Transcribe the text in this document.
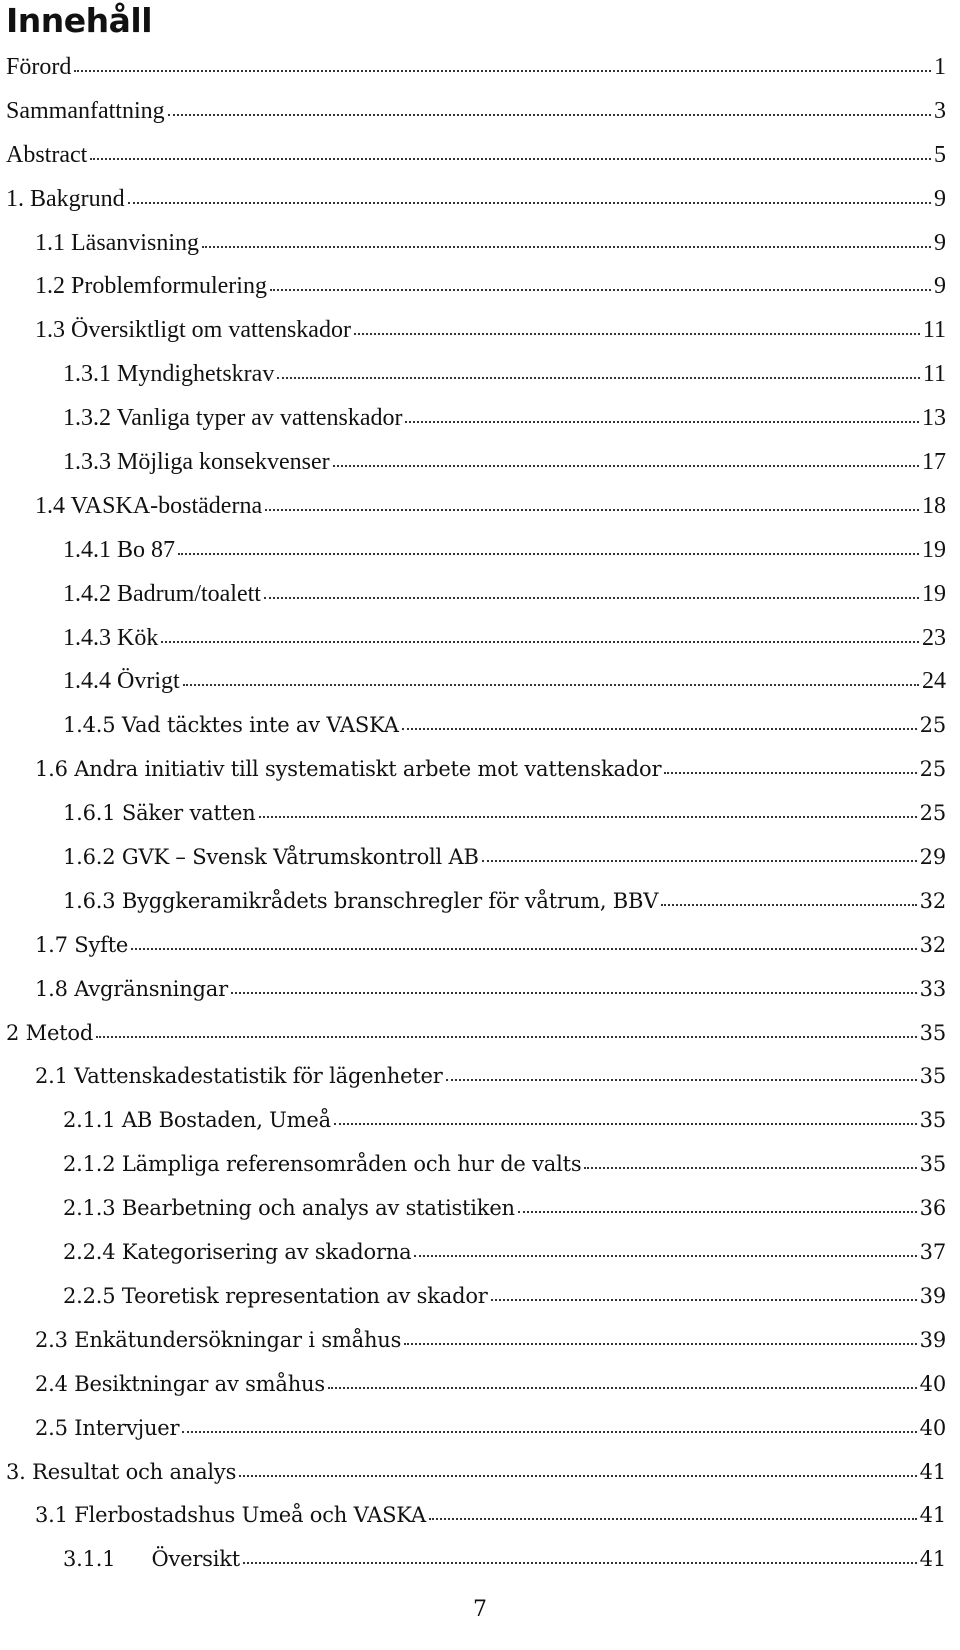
Innehåll
Förord	1
Sammanfattning	3
Abstract	5
1. Bakgrund	9
1.1 Läsanvisning	9
1.2 Problemformulering	9
1.3 Översiktligt om vattenskador	11
1.3.1 Myndighetskrav	11
1.3.2 Vanliga typer av vattenskador	13
1.3.3 Möjliga konsekvenser	17
1.4 VASKA-bostäderna	18
1.4.1 Bo 87	19
1.4.2 Badrum/toalett	19
1.4.3 Kök	23
1.4.4 Övrigt	24
1.4.5 Vad täcktes inte av VASKA	25
1.6 Andra initiativ till systematiskt arbete mot vattenskador	25
1.6.1 Säker vatten	25
1.6.2 GVK – Svensk Våtrumskontroll AB	29
1.6.3 Byggkeramikrådets branschregler för våtrum, BBV	32
1.7 Syfte	32
1.8 Avgränsningar	33
2 Metod	35
2.1 Vattenskadestatistik för lägenheter	35
2.1.1 AB Bostaden, Umeå	35
2.1.2 Lämpliga referensområden och hur de valts	35
2.1.3 Bearbetning och analys av statistiken	36
2.2.4 Kategorisering av skadorna	37
2.2.5 Teoretisk representation av skador	39
2.3 Enkätundersökningar i småhus	39
2.4 Besiktningar av småhus	40
2.5 Intervjuer	40
3. Resultat och analys	41
3.1 Flerbostadshus Umeå och VASKA	41
3.1.1 Översikt	41
7
